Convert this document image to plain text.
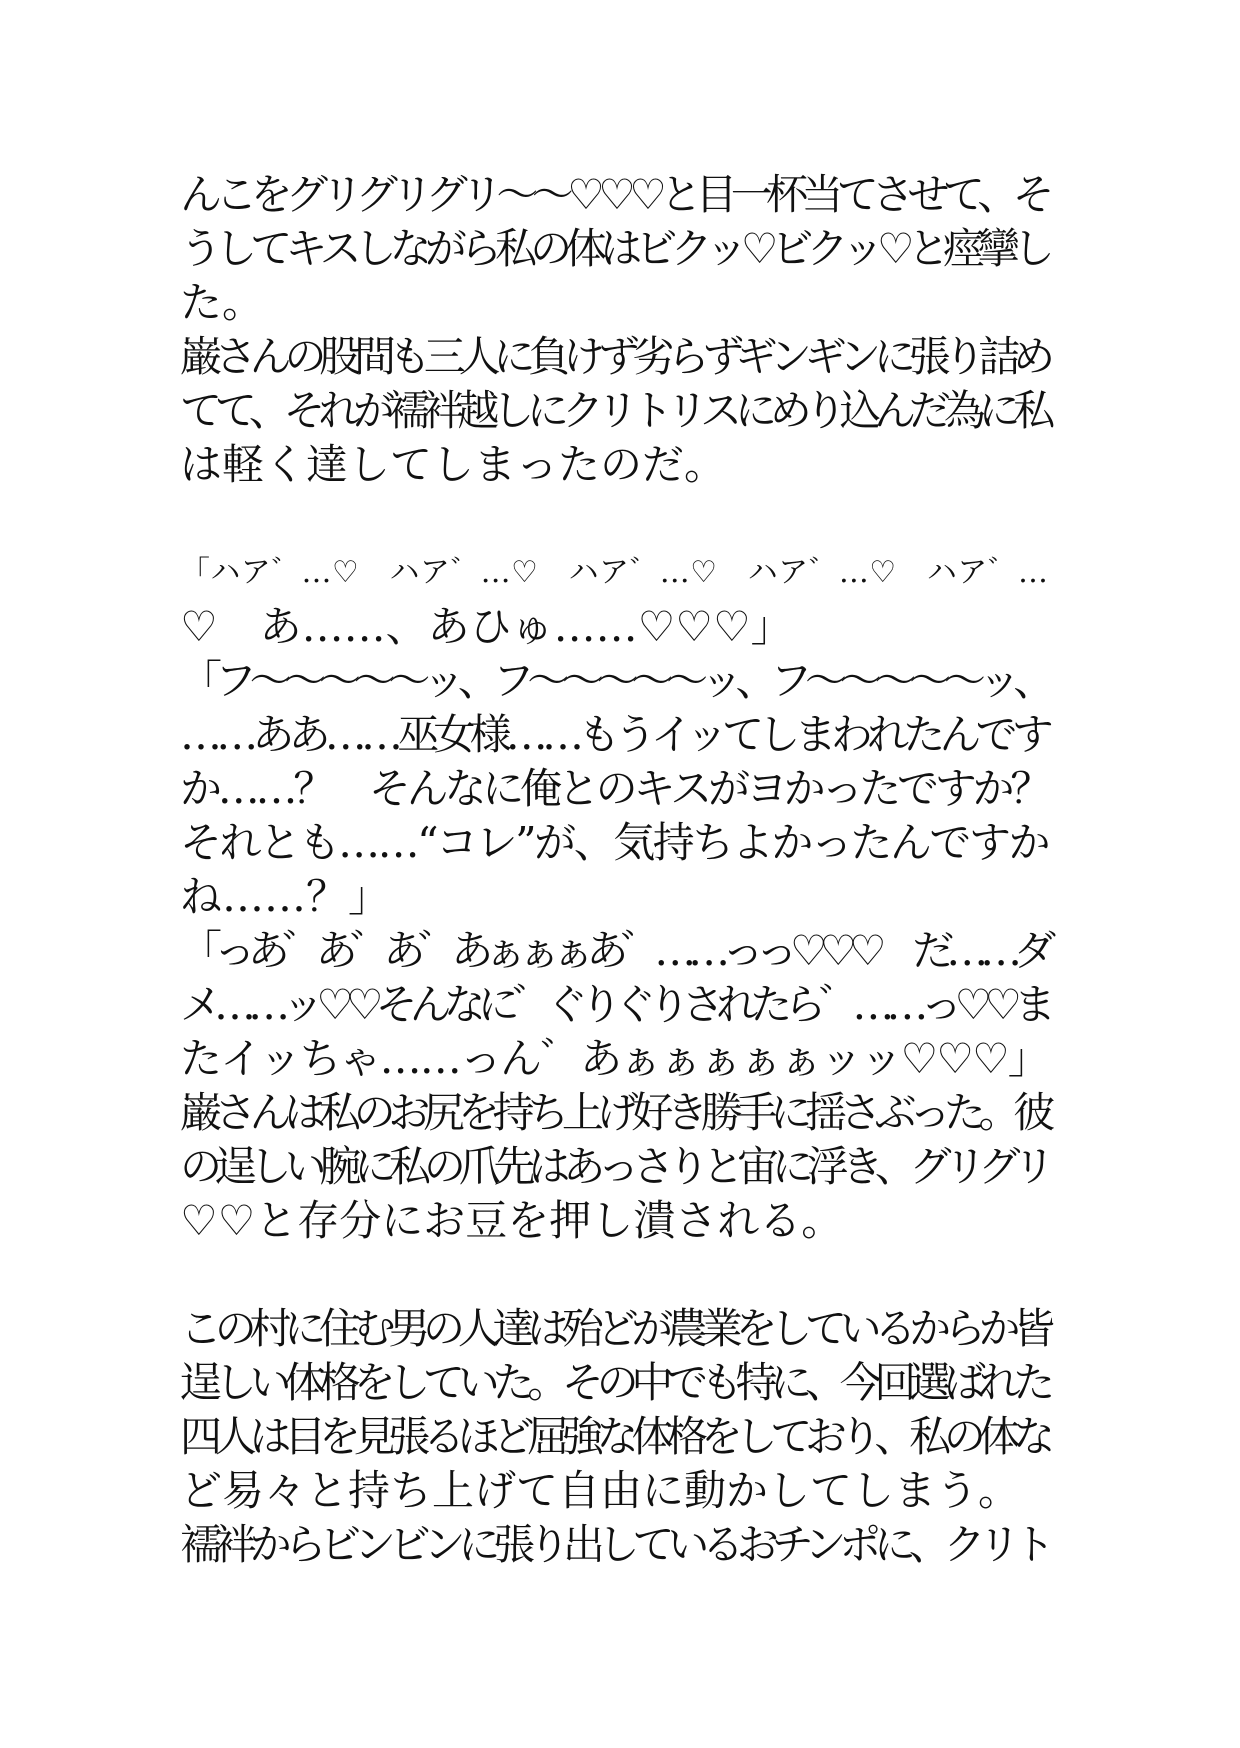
んこをグリグリグリ〜〜♡♡♡と目一杯当てさせて、そ
うしてキスしながら私の体はビクッ♡ビクッ♡と痙攣し
た。
巌さんの股間も三人に負けず劣らずギンギンに張り詰め
てて、それが襦袢越しにクリトリスにめり込んだ為に私
は軽く達してしまったのだ。
「ハア゛…♡　ハア゛…♡　ハア゛…♡　ハア゛…♡　ハア゛…
♡　あ……、あひゅ……♡♡♡」
「フ〜〜〜〜〜ッ、フ〜〜〜〜〜ッ、フ〜〜〜〜〜ッ、
……ああ……巫女様……もうイッてしまわれたんです
か……？　そんなに俺とのキスがヨかったですか？
それとも……“コレ”が、気持ちよかったんですか
ね……？」
「っあ゛あ゛あ゛あぁぁぁあ゛……っっ♡♡♡　だ……ダ
メ……ッ♡♡そんなに゛ぐりぐりされたら゛……っ♡♡ま
たイッちゃ……っん゛あぁぁぁぁぁッッ♡♡♡」
巌さんは私のお尻を持ち上げ好き勝手に揺さぶった。彼
の逞しい腕に私の爪先はあっさりと宙に浮き、グリグリ
♡♡と存分にお豆を押し潰される。
この村に住む男の人達は殆どが農業をしているからか皆
逞しい体格をしていた。その中でも特に、今回選ばれた
四人は目を見張るほど屈強な体格をしており、私の体な
ど易々と持ち上げて自由に動かしてしまう。
襦袢からビンビンに張り出しているおチンポに、クリト
